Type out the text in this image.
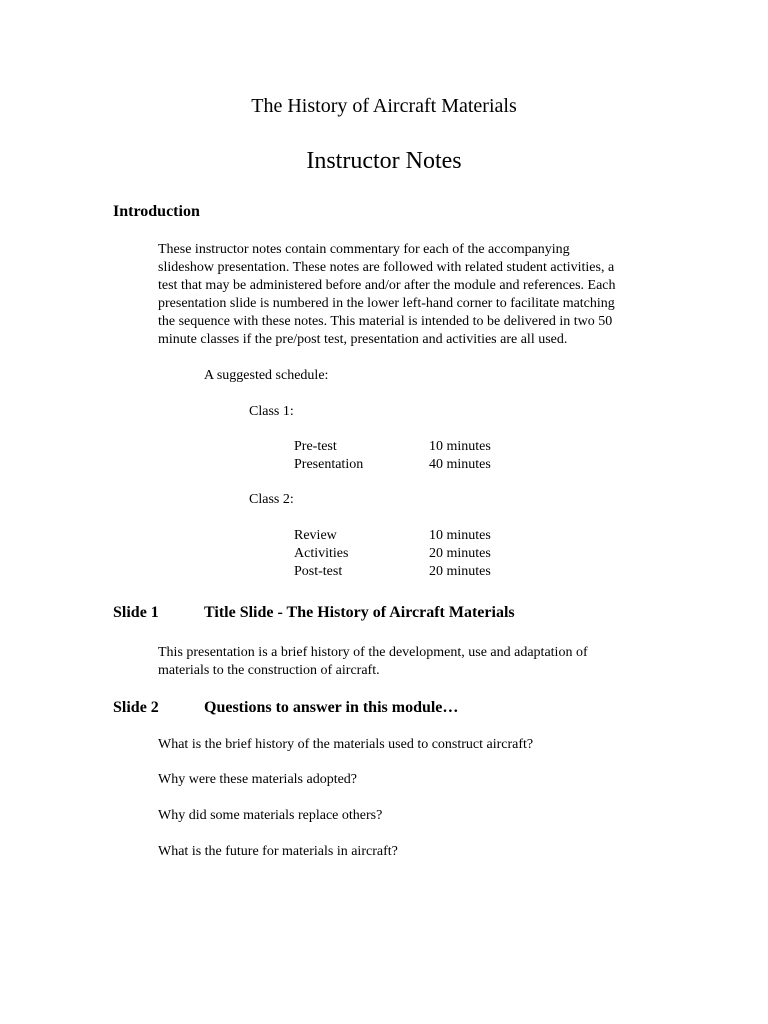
The History of Aircraft Materials
Instructor Notes
Introduction
These instructor notes contain commentary for each of the accompanying
slideshow presentation. These notes are followed with related student activities, a
test that may be administered before and/or after the module and references. Each
presentation slide is numbered in the lower left-hand corner to facilitate matching
the sequence with these notes. This material is intended to be delivered in two 50
minute classes if the pre/post test, presentation and activities are all used.
A suggested schedule:
Class 1:
Pre-test	10 minutes
Presentation	40 minutes
Class 2:
Review	10 minutes
Activities	20 minutes
Post-test	20 minutes
Slide 1	Title Slide - The History of Aircraft Materials
This presentation is a brief history of the development, use and adaptation of
materials to the construction of aircraft.
Slide 2	Questions to answer in this module…
What is the brief history of the materials used to construct aircraft?
Why were these materials adopted?
Why did some materials replace others?
What is the future for materials in aircraft?
